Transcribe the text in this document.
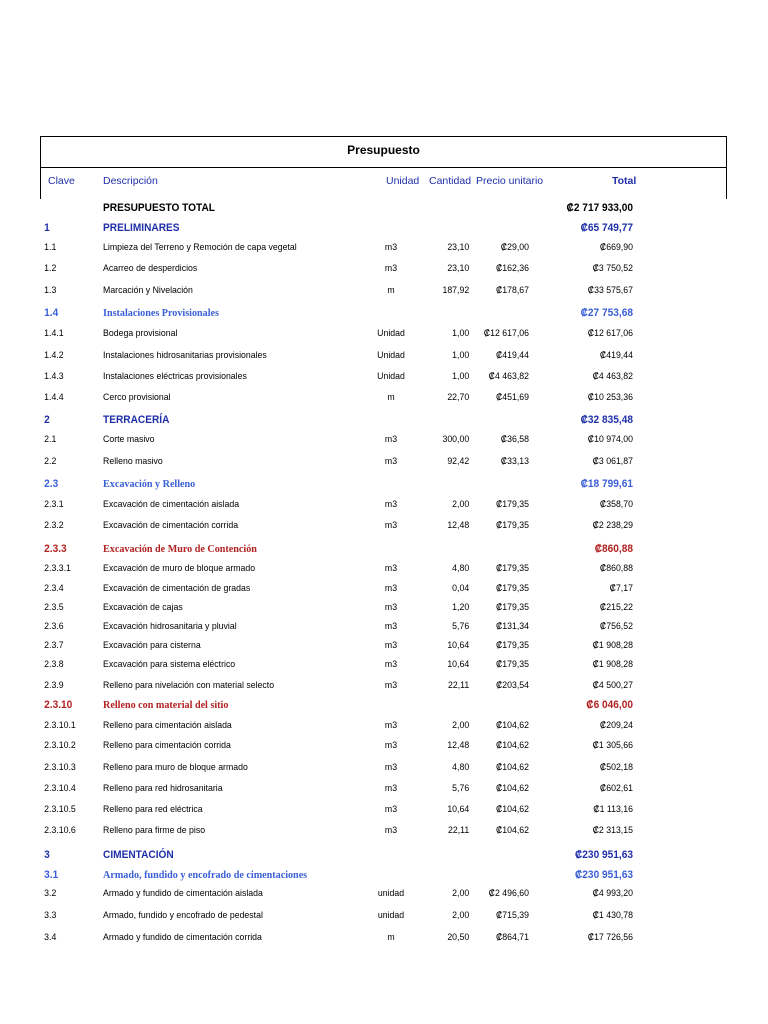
Presupuesto
Clave	Descripción	Unidad Cantidad Precio unitario	Total
PRESUPUESTO TOTAL	₡2 717 933,00
1	PRELIMINARES	₡65 749,77
1.1	Limpieza del Terreno y Remoción de capa vegetal	m3	23,10	₡29,00	₡669,90
1.2	Acarreo de desperdicios	m3	23,10	₡162,36	₡3 750,52
1.3	Marcación y Nivelación	m	187,92	₡178,67	₡33 575,67
1.4	Instalaciones Provisionales	₡27 753,68
1.4.1	Bodega provisional	Unidad	1,00	₡12 617,06	₡12 617,06
1.4.2	Instalaciones hidrosanitarias provisionales	Unidad	1,00	₡419,44	₡419,44
1.4.3	Instalaciones eléctricas provisionales	Unidad	1,00	₡4 463,82	₡4 463,82
1.4.4	Cerco provisional	m	22,70	₡451,69	₡10 253,36
2	TERRACERÍA	₡32 835,48
2.1	Corte masivo	m3	300,00	₡36,58	₡10 974,00
2.2	Relleno masivo	m3	92,42	₡33,13	₡3 061,87
2.3	Excavación y Relleno	₡18 799,61
2.3.1	Excavación de cimentación aislada	m3	2,00	₡179,35	₡358,70
2.3.2	Excavación de cimentación corrida	m3	12,48	₡179,35	₡2 238,29
2.3.3	Excavación de Muro de Contención	₡860,88
2.3.3.1	Excavación de muro de bloque armado	m3	4,80	₡179,35	₡860,88
2.3.4	Excavación de cimentación de gradas	m3	0,04	₡179,35	₡7,17
2.3.5	Excavación de cajas	m3	1,20	₡179,35	₡215,22
2.3.6	Excavación hidrosanitaria y pluvial	m3	5,76	₡131,34	₡756,52
2.3.7	Excavación para cisterna	m3	10,64	₡179,35	₡1 908,28
2.3.8	Excavación para sistema eléctrico	m3	10,64	₡179,35	₡1 908,28
2.3.9	Relleno para nivelación con material selecto	m3	22,11	₡203,54	₡4 500,27
2.3.10	Relleno con material del sitio	₡6 046,00
2.3.10.1	Relleno para cimentación aislada	m3	2,00	₡104,62	₡209,24
2.3.10.2	Relleno para cimentación corrida	m3	12,48	₡104,62	₡1 305,66
2.3.10.3	Relleno para muro de bloque armado	m3	4,80	₡104,62	₡502,18
2.3.10.4	Relleno para red hidrosanitaria	m3	5,76	₡104,62	₡602,61
2.3.10.5	Relleno para red eléctrica	m3	10,64	₡104,62	₡1 113,16
2.3.10.6	Relleno para firme de piso	m3	22,11	₡104,62	₡2 313,15
3	CIMENTACIÓN	₡230 951,63
3.1	Armado, fundido y encofrado de cimentaciones	₡230 951,63
3.2	Armado y fundido de cimentación aislada	unidad	2,00	₡2 496,60	₡4 993,20
3.3	Armado, fundido y encofrado de pedestal	unidad	2,00	₡715,39	₡1 430,78
3.4	Armado y fundido de cimentación corrida	m	20,50	₡864,71	₡17 726,56
